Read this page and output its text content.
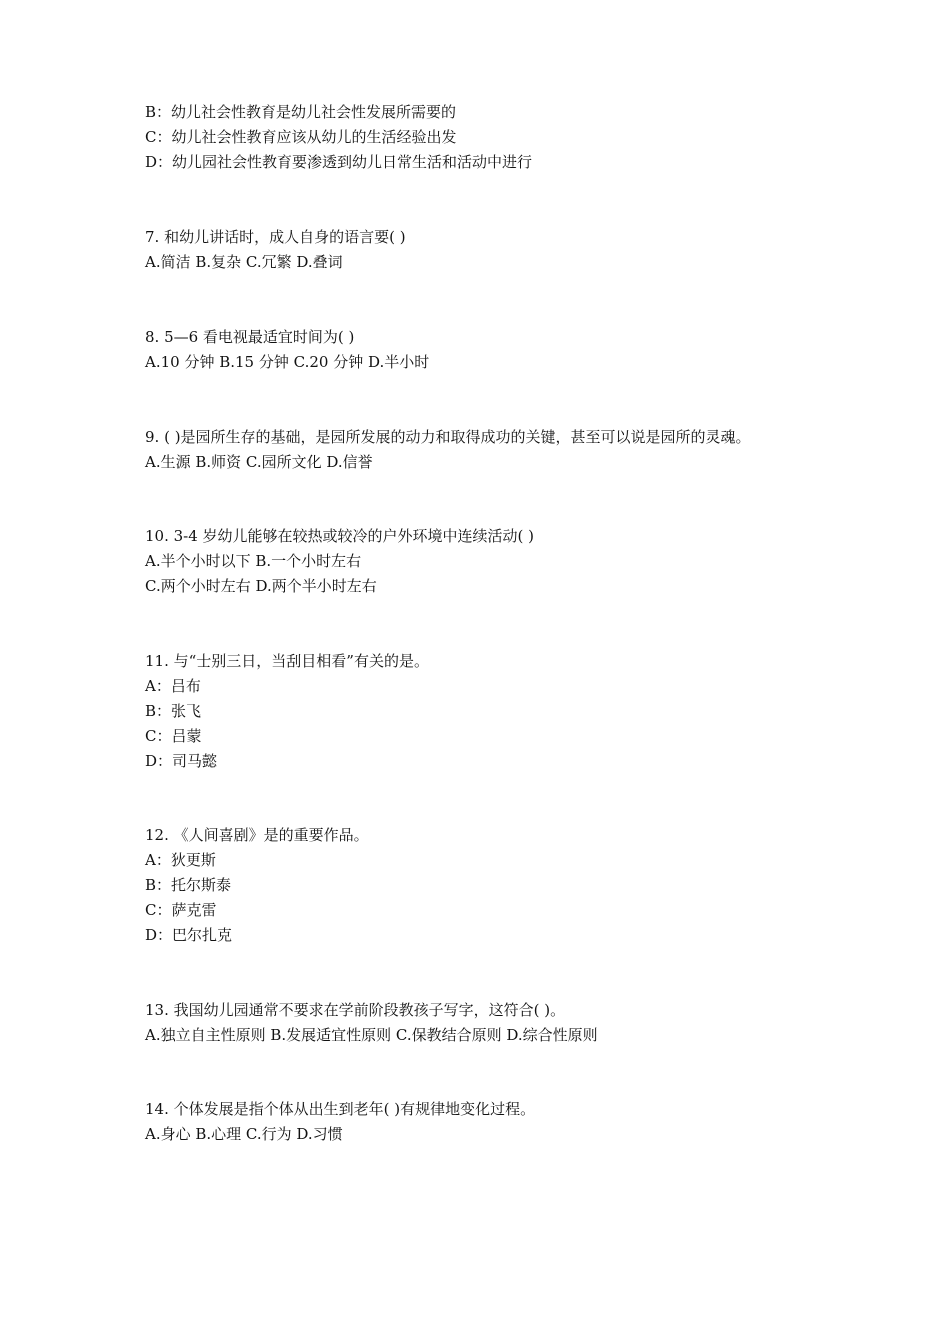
B：幼儿社会性教育是幼儿社会性发展所需要的
C：幼儿社会性教育应该从幼儿的生活经验出发
D：幼儿园社会性教育要渗透到幼儿日常生活和活动中进行
7. 和幼儿讲话时，成人自身的语言要( )
A.简洁 B.复杂 C.冗繁 D.叠词
8. 5—6 看电视最适宜时间为( )
A.10 分钟 B.15 分钟 C.20 分钟 D.半小时
9. ( )是园所生存的基础，是园所发展的动力和取得成功的关键，甚至可以说是园所的灵魂。
A.生源 B.师资 C.园所文化 D.信誉
10. 3-4 岁幼儿能够在较热或较冷的户外环境中连续活动( )
A.半个小时以下 B.一个小时左右
C.两个小时左右 D.两个半小时左右
11. 与“士别三日，当刮目相看”有关的是。
A：吕布
B：张飞
C：吕蒙
D：司马懿
12. 《人间喜剧》是的重要作品。
A：狄更斯
B：托尔斯泰
C：萨克雷
D：巴尔扎克
13. 我国幼儿园通常不要求在学前阶段教孩子写字，这符合( )。
A.独立自主性原则 B.发展适宜性原则 C.保教结合原则 D.综合性原则
14. 个体发展是指个体从出生到老年( )有规律地变化过程。
A.身心 B.心理 C.行为 D.习惯
